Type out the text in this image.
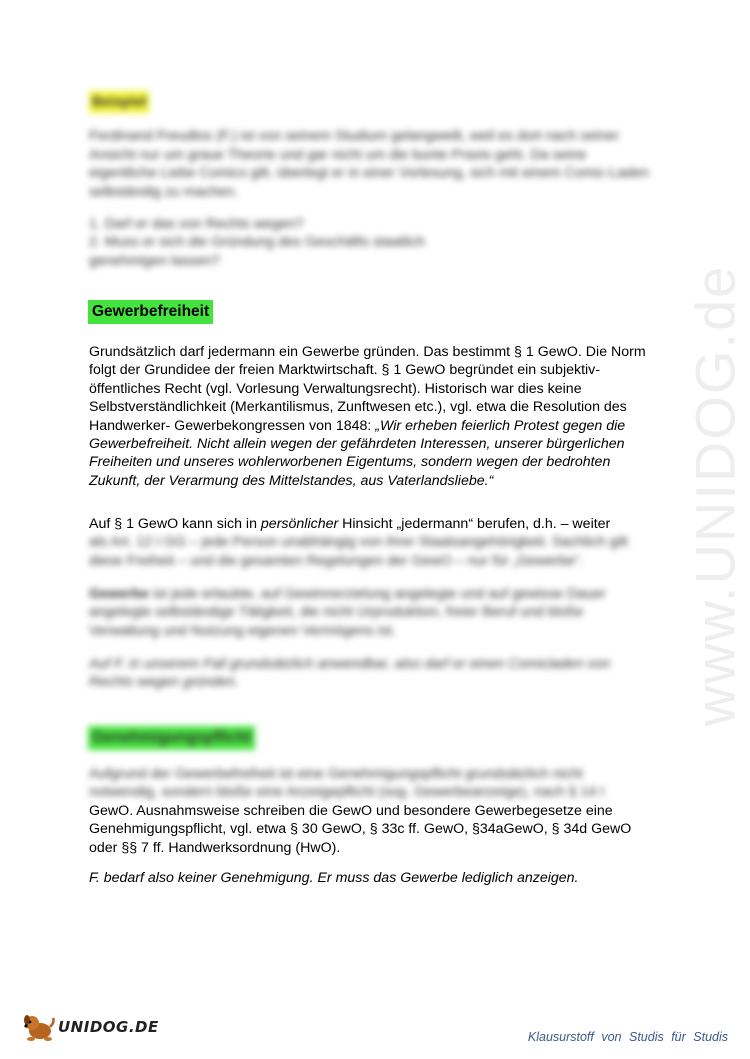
Beispiel

Ferdinand Freudlos (F.) ist von seinem Studium gelangweilt, weil es dort nach seiner Ansicht nur um graue Theorie und gar nicht um die bunte Praxis geht. Da seine eigentliche Liebe Comics gilt, überlegt er in einer Vorlesung, sich mit einem Comic-Laden selbständig zu machen.

1. Darf er das von Rechts wegen?

2. Muss er sich die Gründung des Geschäfts staatlich genehmigen lassen?

Gewerbefreiheit

Grundsätzlich darf jedermann ein Gewerbe gründen. Das bestimmt § 1 GewO. Die Norm folgt der Grundidee der freien Marktwirtschaft. § 1 GewO begründet ein subjektiv-öffentliches Recht (vgl. Vorlesung Verwaltungsrecht). Historisch war dies keine Selbstverständlichkeit (Merkantilismus, Zunftwesen etc.), vgl. etwa die Resolution des Handwerker- Gewerbekongressen von 1848: „Wir erheben feierlich Protest gegen die Gewerbefreiheit. Nicht allein wegen der gefährdeten Interessen, unserer bürgerlichen Freiheiten und unseres wohlerworbenen Eigentums, sondern wegen der bedrohten Zukunft, der Verarmung des Mittelstandes, aus Vaterlandsliebe.“

Auf § 1 GewO kann sich in persönlicher Hinsicht „jedermann“ berufen, d.h. – weiter

als Art. 12 I GG – jede Person unabhängig von ihrer Staatsangehörigkeit. Sachlich gilt diese Freiheit – und die gesamten Regelungen der GewO – nur für „Gewerbe“.

Gewerbe ist jede erlaubte, auf Gewinnerzielung angelegte und auf gewisse Dauer angelegte selbständige Tätigkeit, die nicht Urproduktion, freier Beruf und bloße Verwaltung und Nutzung eigenen Vermögens ist.

Auf F. in unserem Fall grundsätzlich anwendbar, also darf er einen Comicladen von Rechts wegen gründen.

Genehmigungspflicht

Aufgrund der Gewerbefreiheit ist eine Genehmigungspflicht grundsätzlich nicht notwendig, sondern bloße eine Anzeigepflicht (sog. Gewerbeanzeige), nach § 14 I

GewO. Ausnahmsweise schreiben die GewO und besondere Gewerbegesetze eine Genehmigungspflicht, vgl. etwa § 30 GewO, § 33c ff. GewO, §34aGewO, § 34d GewO oder §§ 7 ff. Handwerksordnung (HwO).

F. bedarf also keiner Genehmigung. Er muss das Gewerbe lediglich anzeigen.

www.UNIDOG.de
UNIDOG.DE
Klausurstoff von Studis für Studis
